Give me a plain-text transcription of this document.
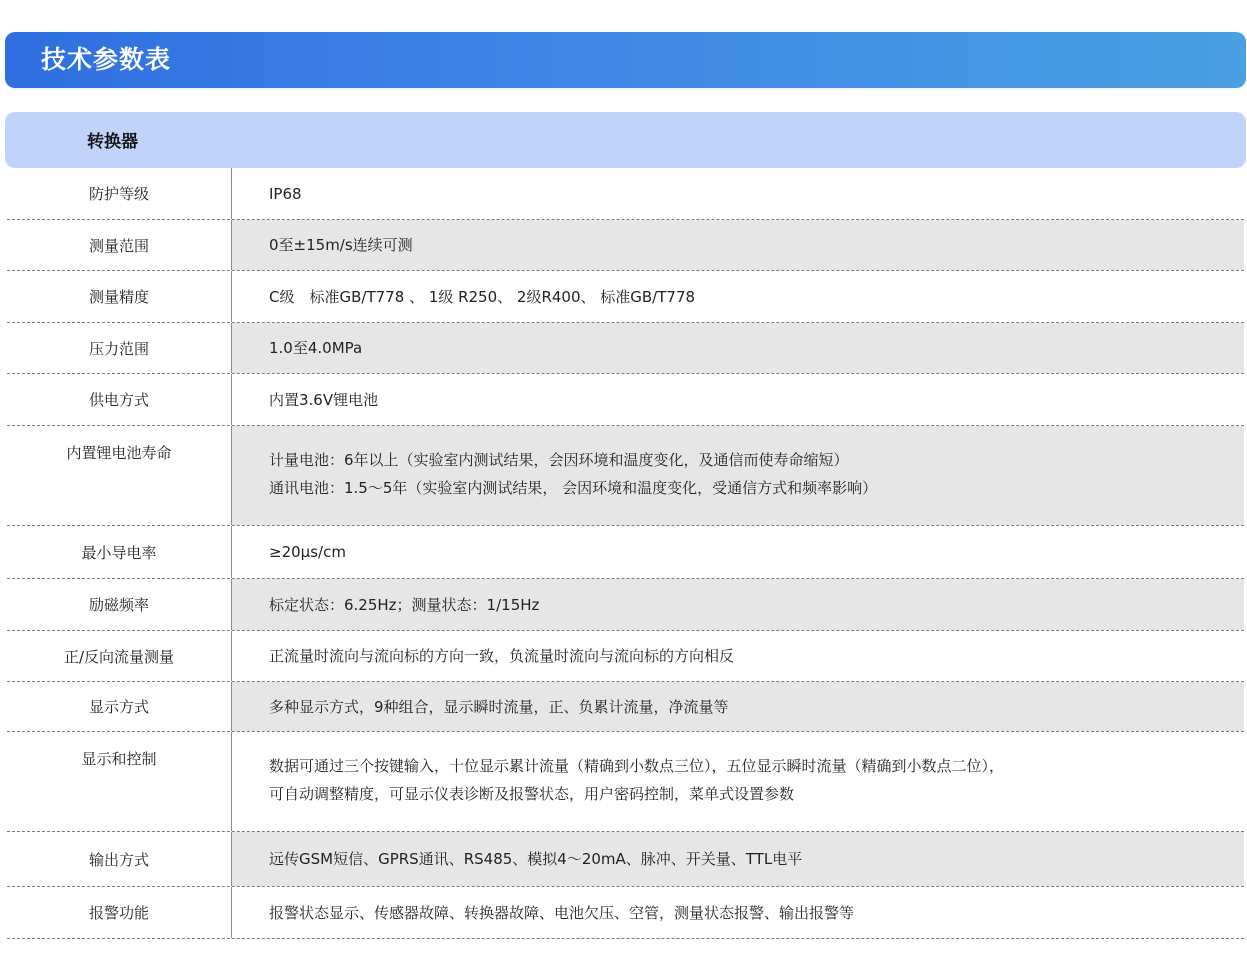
技术参数表
转换器
防护等级	IP68
测量范围	0至±15m/s连续可测
测量精度	C级　标准GB/T778 、 1级 R250、 2级R400、 标准GB/T778
压力范围	1.0至4.0MPa
供电方式	内置3.6V锂电池
内置锂电池寿命	计量电池：6年以上（实验室内测试结果，会因环境和温度变化，及通信而使寿命缩短）
通讯电池：1.5～5年（实验室内测试结果， 会因环境和温度变化，受通信方式和频率影响）
最小导电率	≥20μs/cm
励磁频率	标定状态：6.25Hz；测量状态：1/15Hz
正/反向流量测量	正流量时流向与流向标的方向一致，负流量时流向与流向标的方向相反
显示方式	多种显示方式，9种组合，显示瞬时流量，正、负累计流量，净流量等
显示和控制	数据可通过三个按键输入，十位显示累计流量（精确到小数点三位），五位显示瞬时流量（精确到小数点二位），
可自动调整精度，可显示仪表诊断及报警状态，用户密码控制，菜单式设置参数
输出方式	远传GSM短信、GPRS通讯、RS485、模拟4～20mA、脉冲、开关量、TTL电平
报警功能	报警状态显示、传感器故障、转换器故障、电池欠压、空管，测量状态报警、输出报警等
